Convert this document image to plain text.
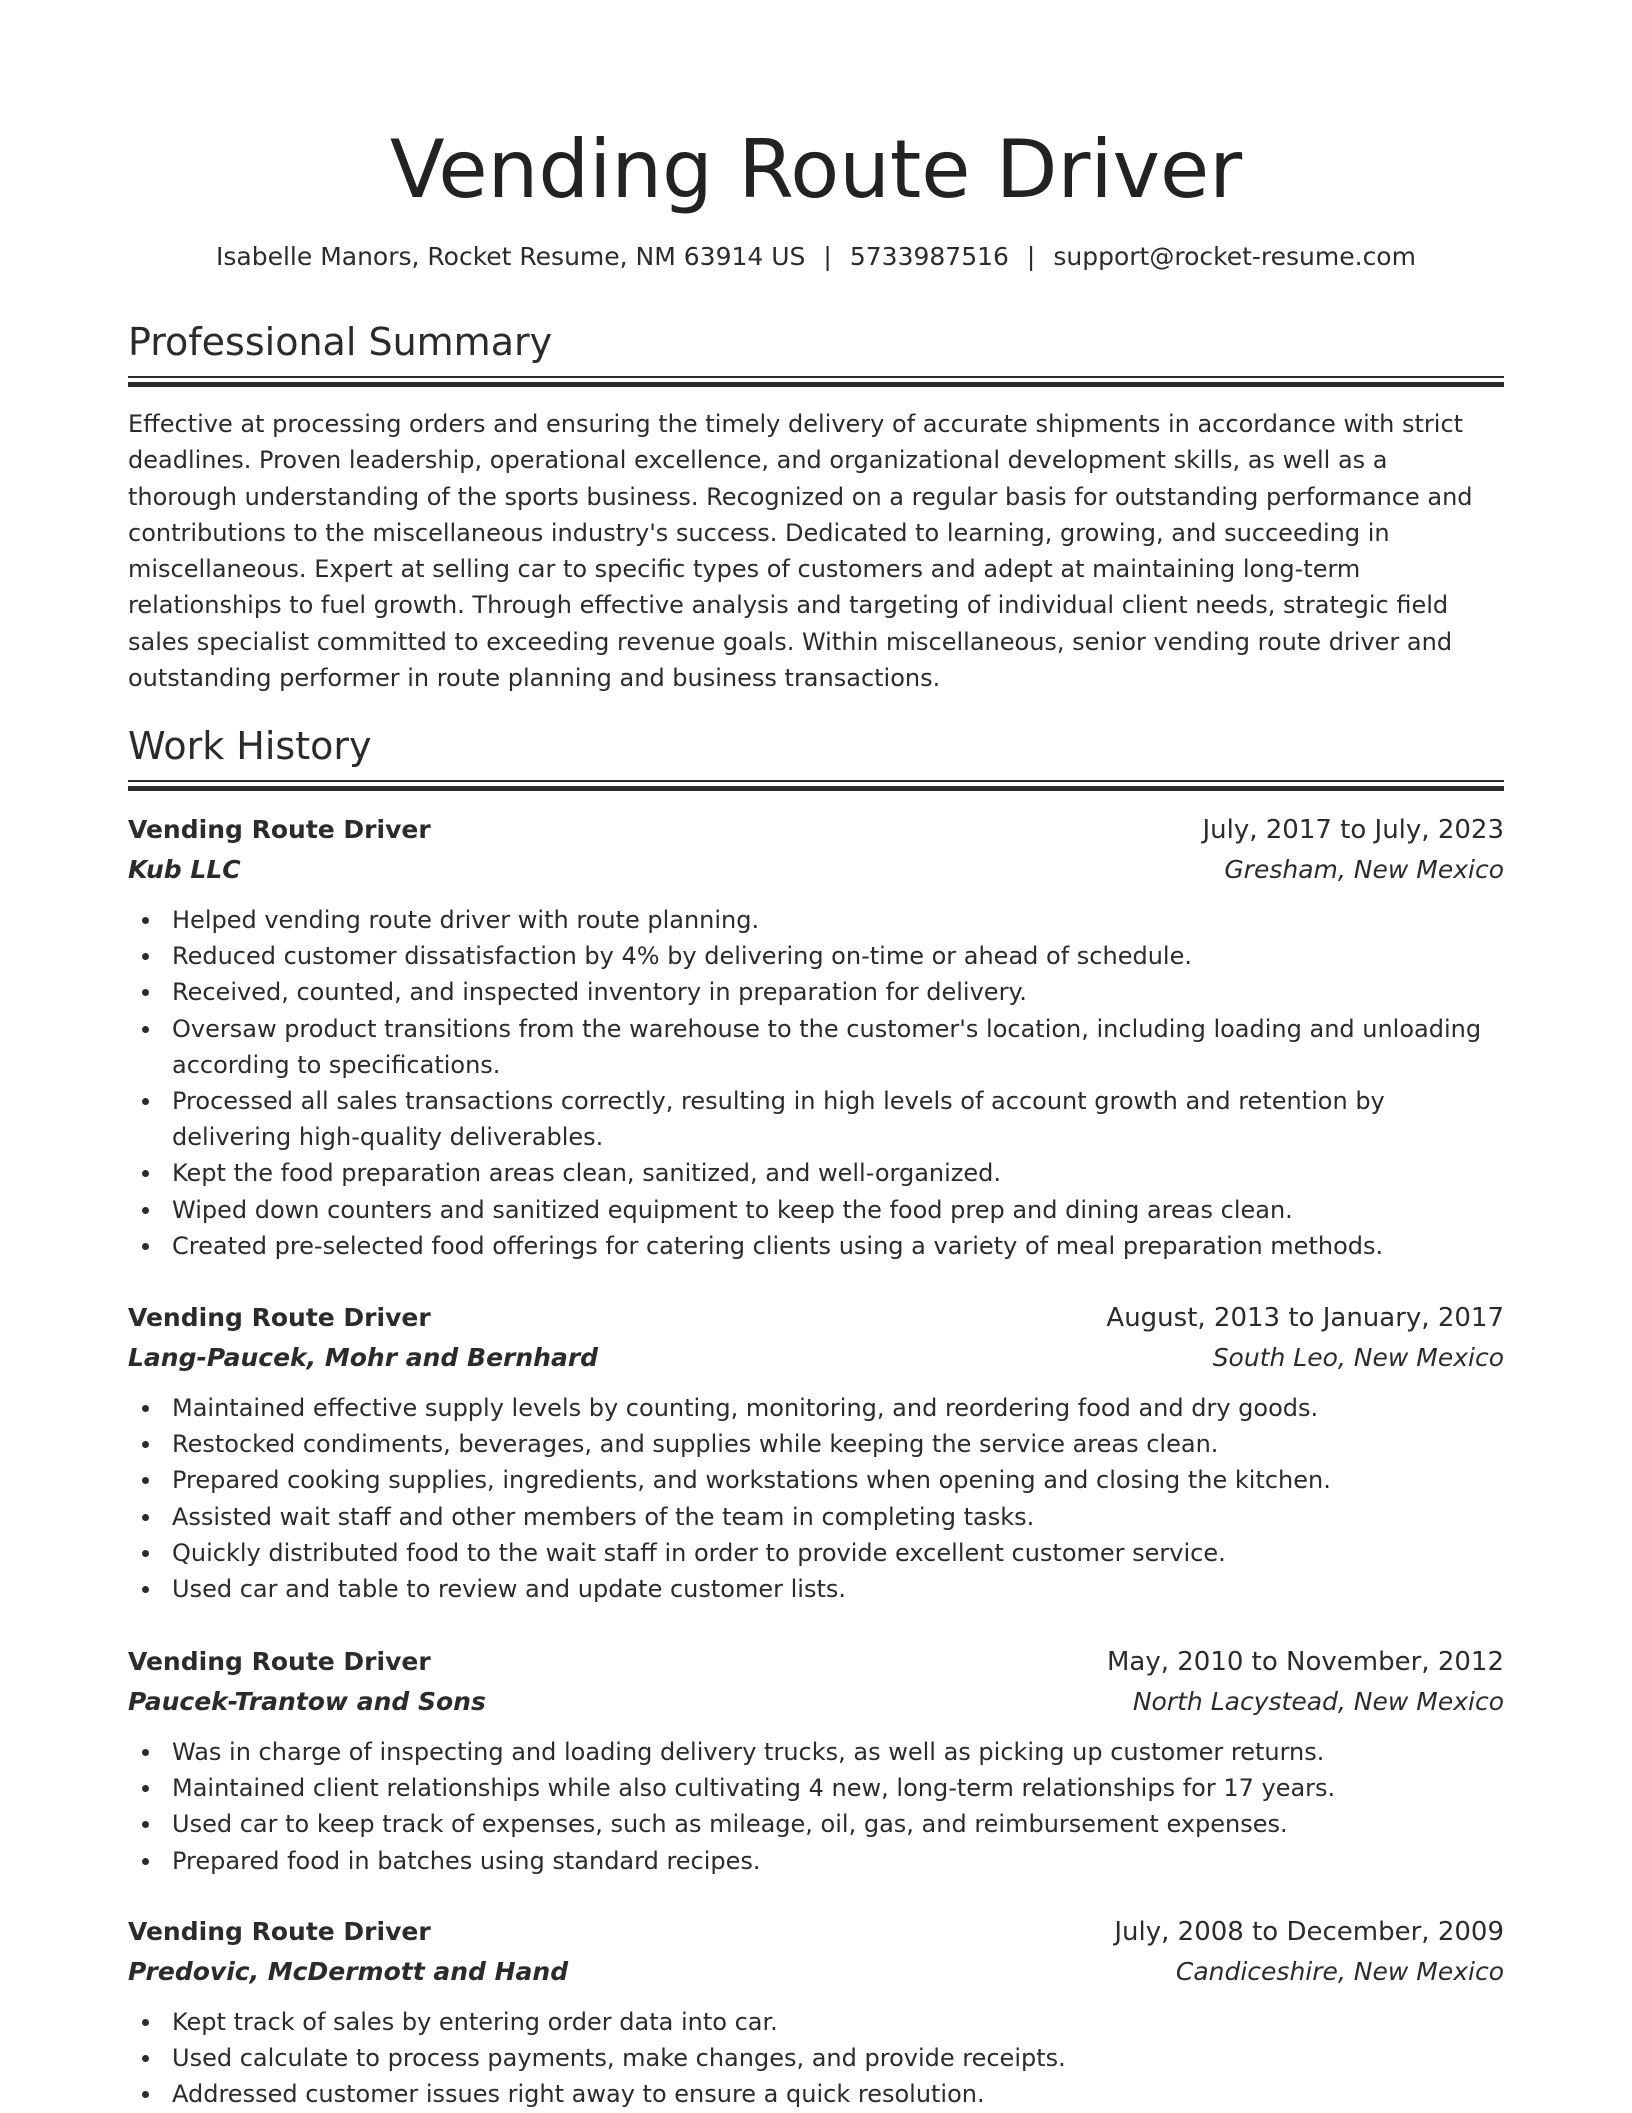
Vending Route Driver
Isabelle Manors, Rocket Resume, NM 63914 US | 5733987516 | support@rocket-resume.com
Professional Summary

Effective at processing orders and ensuring the timely delivery of accurate shipments in accordance with strict deadlines. Proven leadership, operational excellence, and organizational development skills, as well as a thorough understanding of the sports business. Recognized on a regular basis for outstanding performance and contributions to the miscellaneous industry's success. Dedicated to learning, growing, and succeeding in miscellaneous. Expert at selling car to specific types of customers and adept at maintaining long-term relationships to fuel growth. Through effective analysis and targeting of individual client needs, strategic field sales specialist committed to exceeding revenue goals. Within miscellaneous, senior vending route driver and outstanding performer in route planning and business transactions.

Work History
Vending Route Driver	July, 2017 to July, 2023
Kub LLC	Gresham, New Mexico
Helped vending route driver with route planning.
Reduced customer dissatisfaction by 4% by delivering on-time or ahead of schedule.
Received, counted, and inspected inventory in preparation for delivery.
Oversaw product transitions from the warehouse to the customer's location, including loading and unloading according to specifications.
Processed all sales transactions correctly, resulting in high levels of account growth and retention by delivering high-quality deliverables.
Kept the food preparation areas clean, sanitized, and well-organized.
Wiped down counters and sanitized equipment to keep the food prep and dining areas clean.
Created pre-selected food offerings for catering clients using a variety of meal preparation methods.
Vending Route Driver	August, 2013 to January, 2017
Lang-Paucek, Mohr and Bernhard	South Leo, New Mexico
Maintained effective supply levels by counting, monitoring, and reordering food and dry goods.
Restocked condiments, beverages, and supplies while keeping the service areas clean.
Prepared cooking supplies, ingredients, and workstations when opening and closing the kitchen.
Assisted wait staff and other members of the team in completing tasks.
Quickly distributed food to the wait staff in order to provide excellent customer service.
Used car and table to review and update customer lists.
Vending Route Driver	May, 2010 to November, 2012
Paucek-Trantow and Sons	North Lacystead, New Mexico
Was in charge of inspecting and loading delivery trucks, as well as picking up customer returns.
Maintained client relationships while also cultivating 4 new, long-term relationships for 17 years.
Used car to keep track of expenses, such as mileage, oil, gas, and reimbursement expenses.
Prepared food in batches using standard recipes.
Vending Route Driver	July, 2008 to December, 2009
Predovic, McDermott and Hand	Candiceshire, New Mexico
Kept track of sales by entering order data into car.
Used calculate to process payments, make changes, and provide receipts.
Addressed customer issues right away to ensure a quick resolution.
